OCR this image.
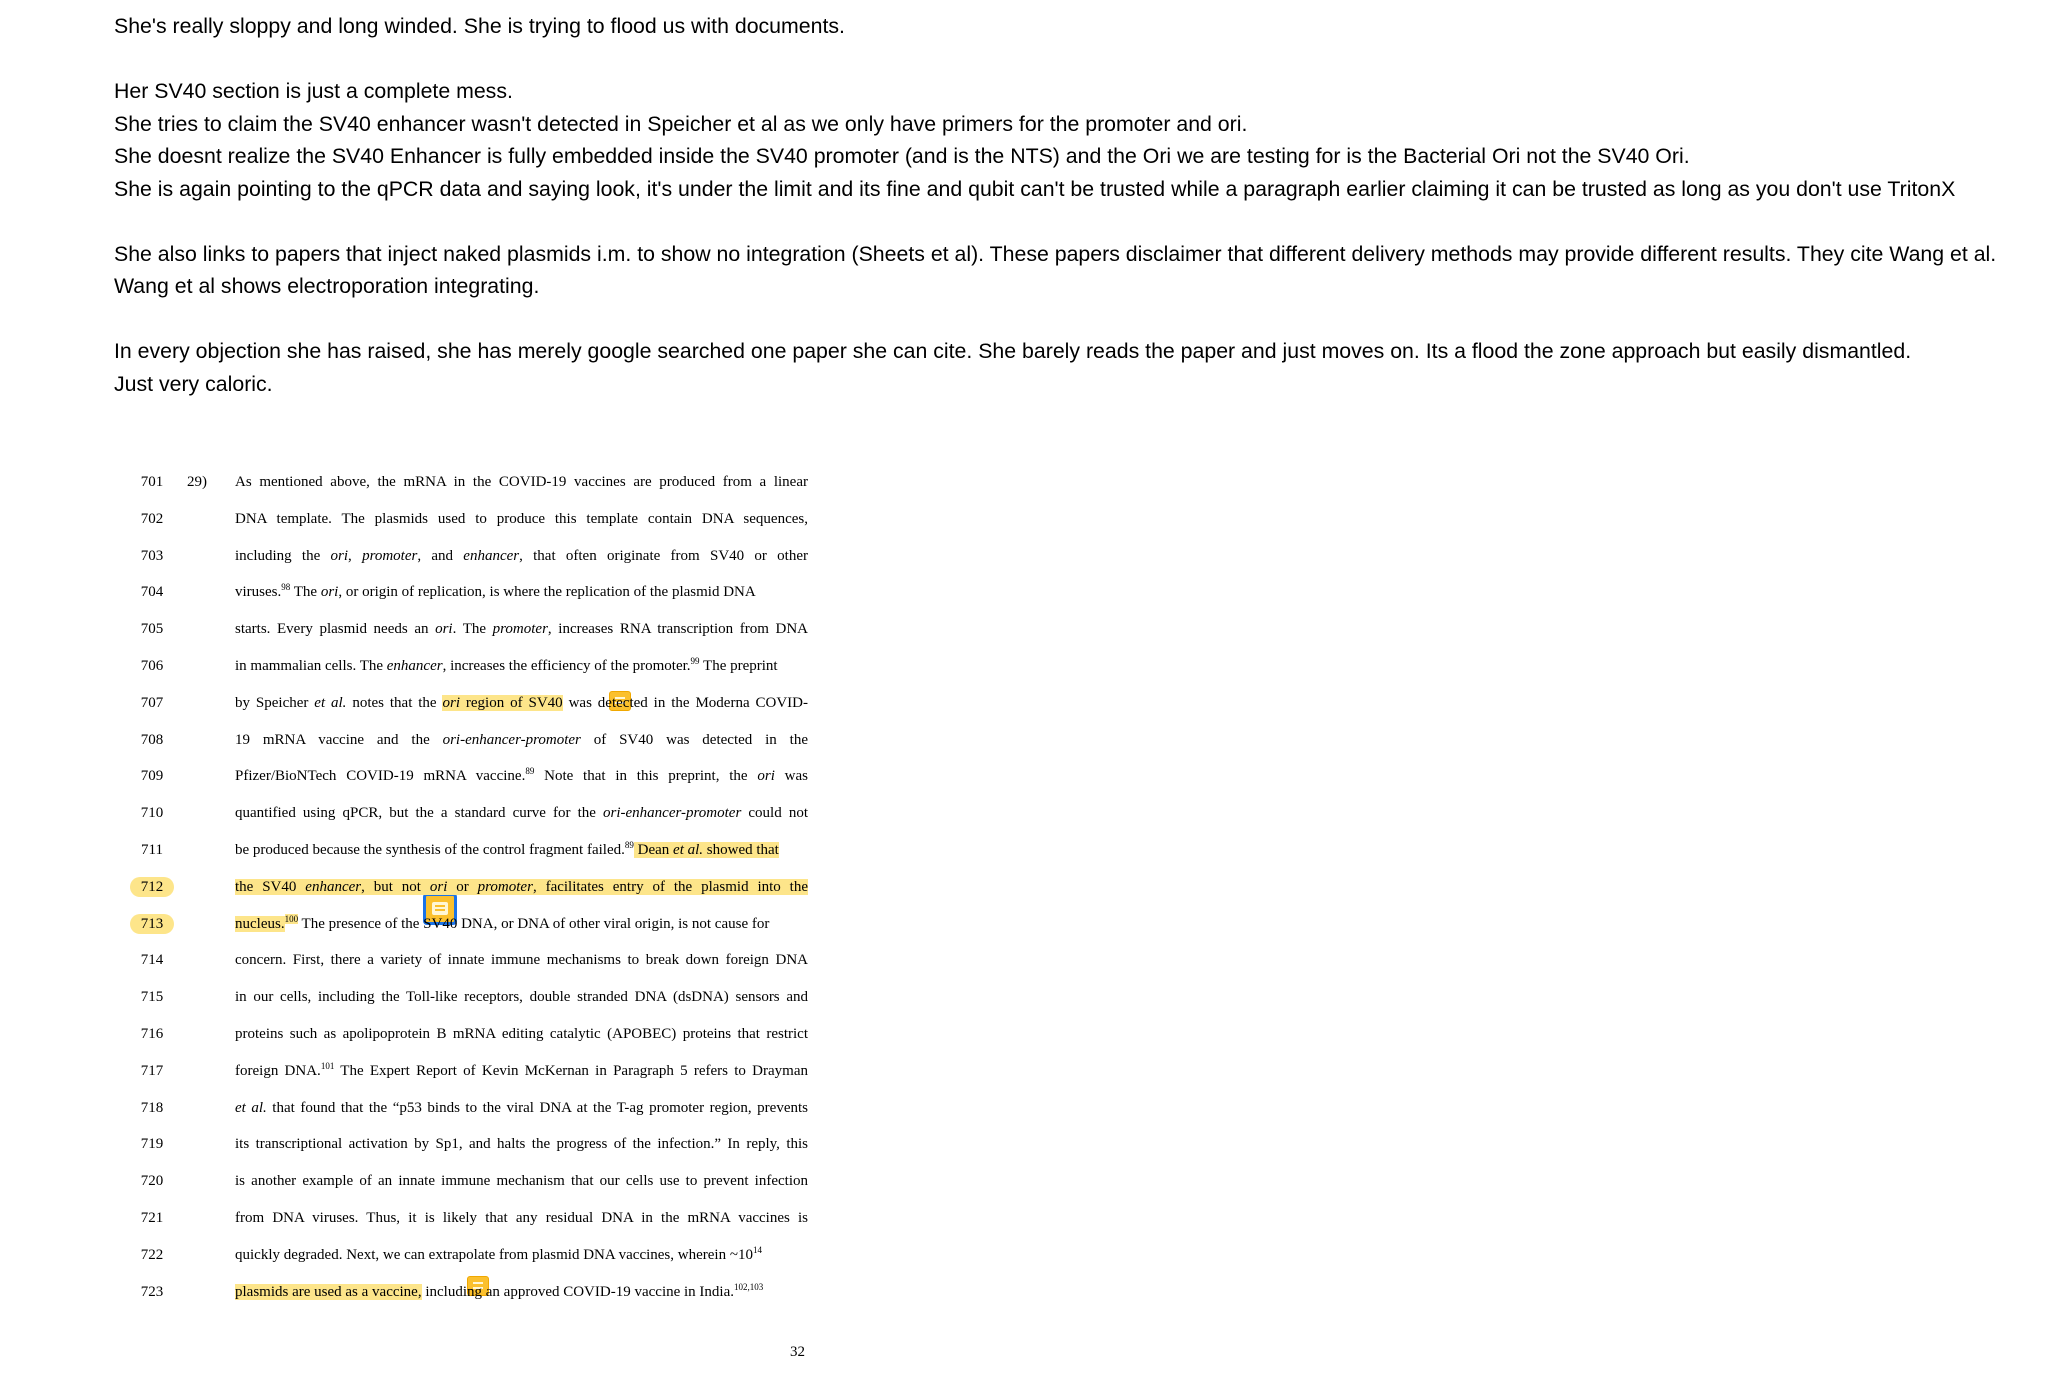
She's really sloppy and long winded. She is trying to flood us with documents.

Her SV40 section is just a complete mess.

She tries to claim the SV40 enhancer wasn't detected in Speicher et al as we only have primers for the promoter and ori.

She doesnt realize the SV40 Enhancer is fully embedded inside the SV40 promoter (and is the NTS) and the Ori we are testing for is the Bacterial Ori not the SV40 Ori.

She is again pointing to the qPCR data and saying look, it's under the limit and its fine and qubit can't be trusted while a paragraph earlier claiming it can be trusted as long as you don't use TritonX

She also links to papers that inject naked plasmids i.m. to show no integration (Sheets et al). These papers disclaimer that different delivery methods may provide different results. They cite Wang et al.

Wang et al shows electroporation integrating.

In every objection she has raised, she has merely google searched one paper she can cite. She barely reads the paper and just moves on. Its a flood the zone approach but easily dismantled.

Just very caloric.

29)
32
701	As mentioned above, the mRNA in the COVID-19 vaccines are produced from a linear
702	DNA template. The plasmids used to produce this template contain DNA sequences,
703	including the ori, promoter, and enhancer, that often originate from SV40 or other
704	viruses.$^{98}$ The ori, or origin of replication, is where the replication of the plasmid DNA
705	starts. Every plasmid needs an ori. The promoter, increases RNA transcription from DNA
706	in mammalian cells. The enhancer, increases the efficiency of the promoter.$^{99}$ The preprint
707	by Speicher et al. notes that the ori region of SV40 was detected in the Moderna COVID-
708	19 mRNA vaccine and the ori-enhancer-promoter of SV40 was detected in the
709	Pfizer/BioNTech COVID-19 mRNA vaccine.$^{89}$ Note that in this preprint, the ori was
710	quantified using qPCR, but the a standard curve for the ori-enhancer-promoter could not
711	be produced because the synthesis of the control fragment failed.$^{89}$ Dean et al. showed that
712	the SV40 enhancer, but not ori or promoter, facilitates entry of the plasmid into the
713	nucleus.$^{100}$ The presence of the SV40 DNA, or DNA of other viral origin, is not cause for
714	concern. First, there a variety of innate immune mechanisms to break down foreign DNA
715	in our cells, including the Toll-like receptors, double stranded DNA (dsDNA) sensors and
716	proteins such as apolipoprotein B mRNA editing catalytic (APOBEC) proteins that restrict
717	foreign DNA.$^{101}$ The Expert Report of Kevin McKernan in Paragraph 5 refers to Drayman
718	et al. that found that the “p53 binds to the viral DNA at the T-ag promoter region, prevents
719	its transcriptional activation by Sp1, and halts the progress of the infection.” In reply, this
720	is another example of an innate immune mechanism that our cells use to prevent infection
721	from DNA viruses. Thus, it is likely that any residual DNA in the mRNA vaccines is
722	quickly degraded. Next, we can extrapolate from plasmid DNA vaccines, wherein $\sim 10^{14}$
723	plasmids are used as a vaccine, including an approved COVID-19 vaccine in India.$^{102,103}$
